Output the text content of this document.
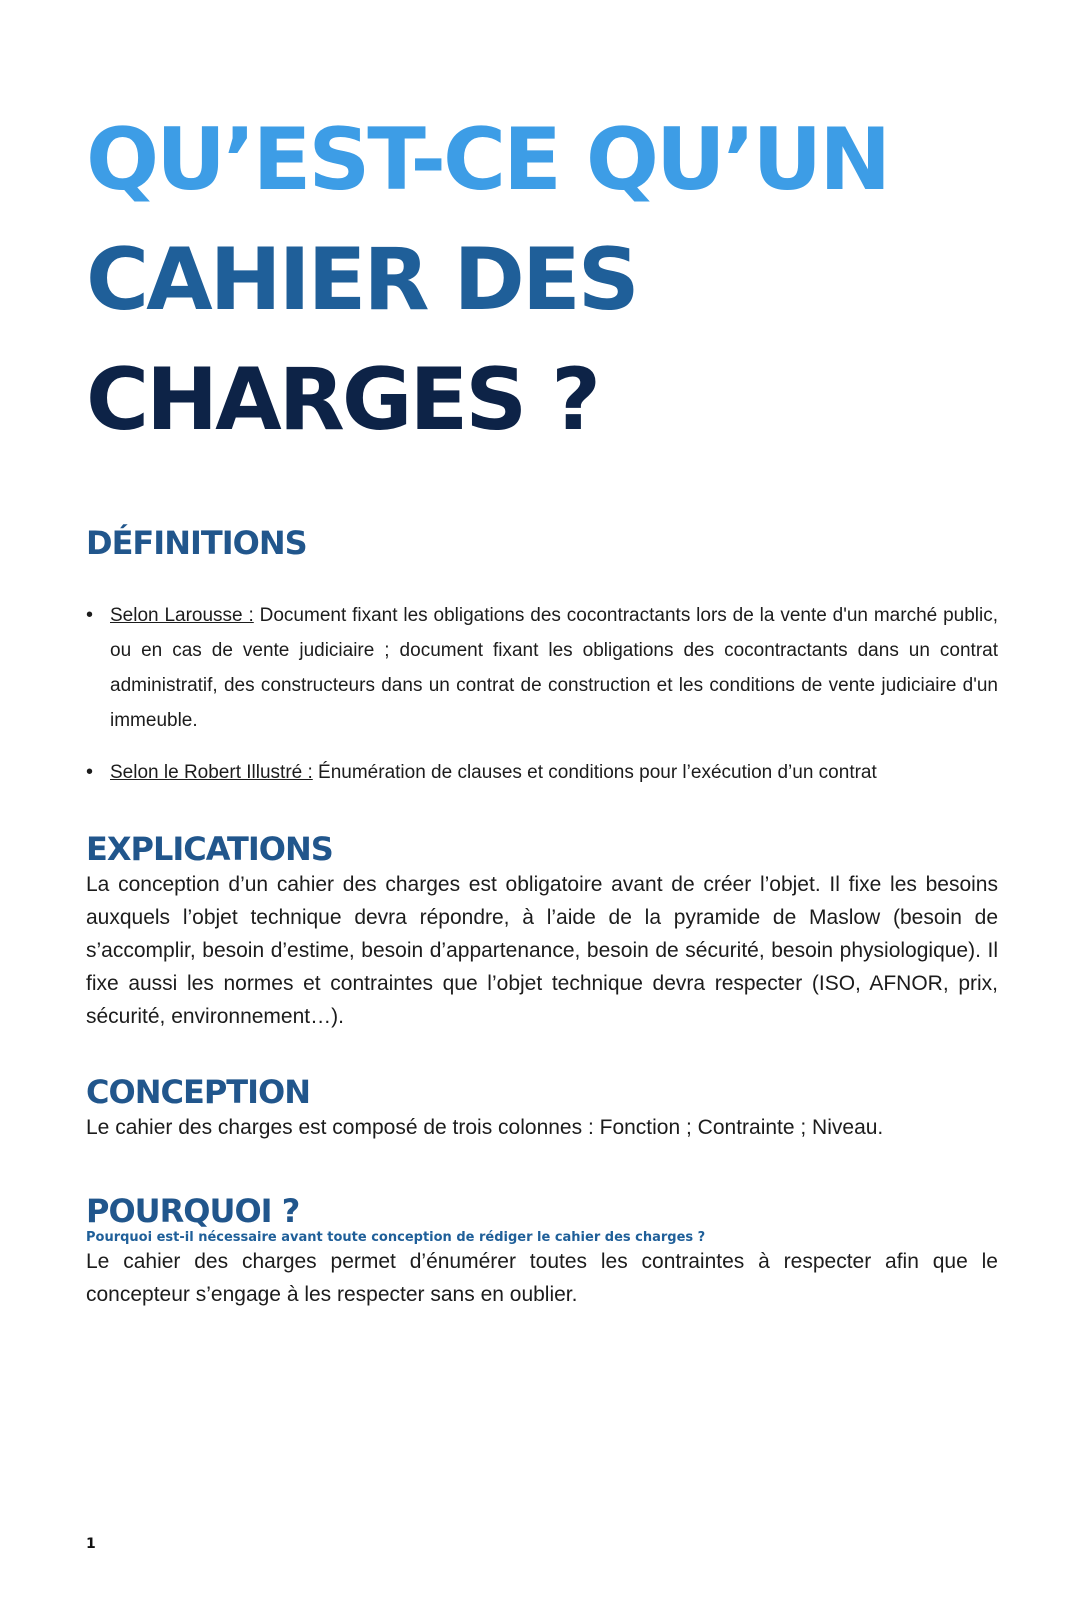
QU’EST-CE QU’UN
CAHIER DES
CHARGES ?
DÉFINITIONS
• Selon Larousse : Document fixant les obligations des cocontractants lors de la vente d'un marché public, ou en cas de vente judiciaire ; document fixant les obligations des cocontractants dans un contrat administratif, des constructeurs dans un contrat de construction et les conditions de vente judiciaire d'un immeuble.
• Selon le Robert Illustré : Énumération de clauses et conditions pour l’exécution d’un contrat
EXPLICATIONS

La conception d’un cahier des charges est obligatoire avant de créer l’objet. Il fixe les besoins auxquels l’objet technique devra répondre, à l’aide de la pyramide de Maslow (besoin de s’accomplir, besoin d’estime, besoin d’appartenance, besoin de sécurité, besoin physiologique). Il fixe aussi les normes et contraintes que l’objet technique devra respecter (ISO, AFNOR, prix, sécurité, environnement…).

CONCEPTION

Le cahier des charges est composé de trois colonnes : Fonction ; Contrainte ; Niveau.

POURQUOI ?
Pourquoi est-il nécessaire avant toute conception de rédiger le cahier des charges ?

Le cahier des charges permet d’énumérer toutes les contraintes à respecter afin que le concepteur s’engage à les respecter sans en oublier.

1
